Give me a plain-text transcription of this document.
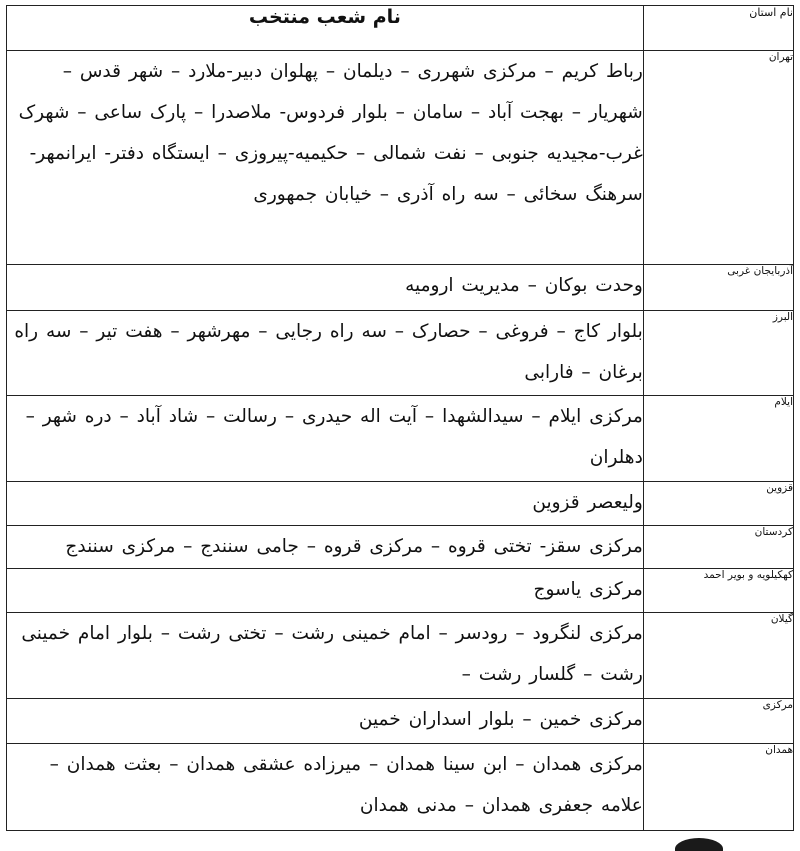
نام استان	نام شعب منتخب
تهران	رباط کریم – مرکزی شهرری – دیلمان – پهلوان دبیر-ملارد – شهر قدس – شهریار – بهجت آباد – سامان – بلوار فردوس- ملاصدرا – پارک ساعی – شهرک غرب-مجیدیه جنوبی – نفت شمالی – حکیمیه-پیروزی – ایستگاه دفتر- ایرانمهر-سرهنگ سخائی – سه راه آذری – خیابان جمهوری
آذربایجان غربی	وحدت بوکان – مدیریت ارومیه
البرز	بلوار کاج – فروغی – حصارک – سه راه رجایی – مهرشهر – هفت تیر – سه راه برغان – فارابی
ایلام	مرکزی ایلام – سیدالشهدا – آیت اله حیدری – رسالت – شاد آباد – دره شهر – دهلران
قزوین	ولیعصر قزوین
کردستان	مرکزی سقز- تختی قروه – مرکزی قروه – جامی سنندج – مرکزی سنندج
کهکیلویه و بویر احمد	مرکزی یاسوج
گیلان	مرکزی لنگرود – رودسر – امام خمینی رشت – تختی رشت – بلوار امام خمینی رشت – گلسار رشت –
مرکزی	مرکزی خمین – بلوار اسداران خمین
همدان	مرکزی همدان – ابن سینا همدان – میرزاده عشقی همدان – بعثت همدان – علامه جعفری همدان – مدنی همدان
